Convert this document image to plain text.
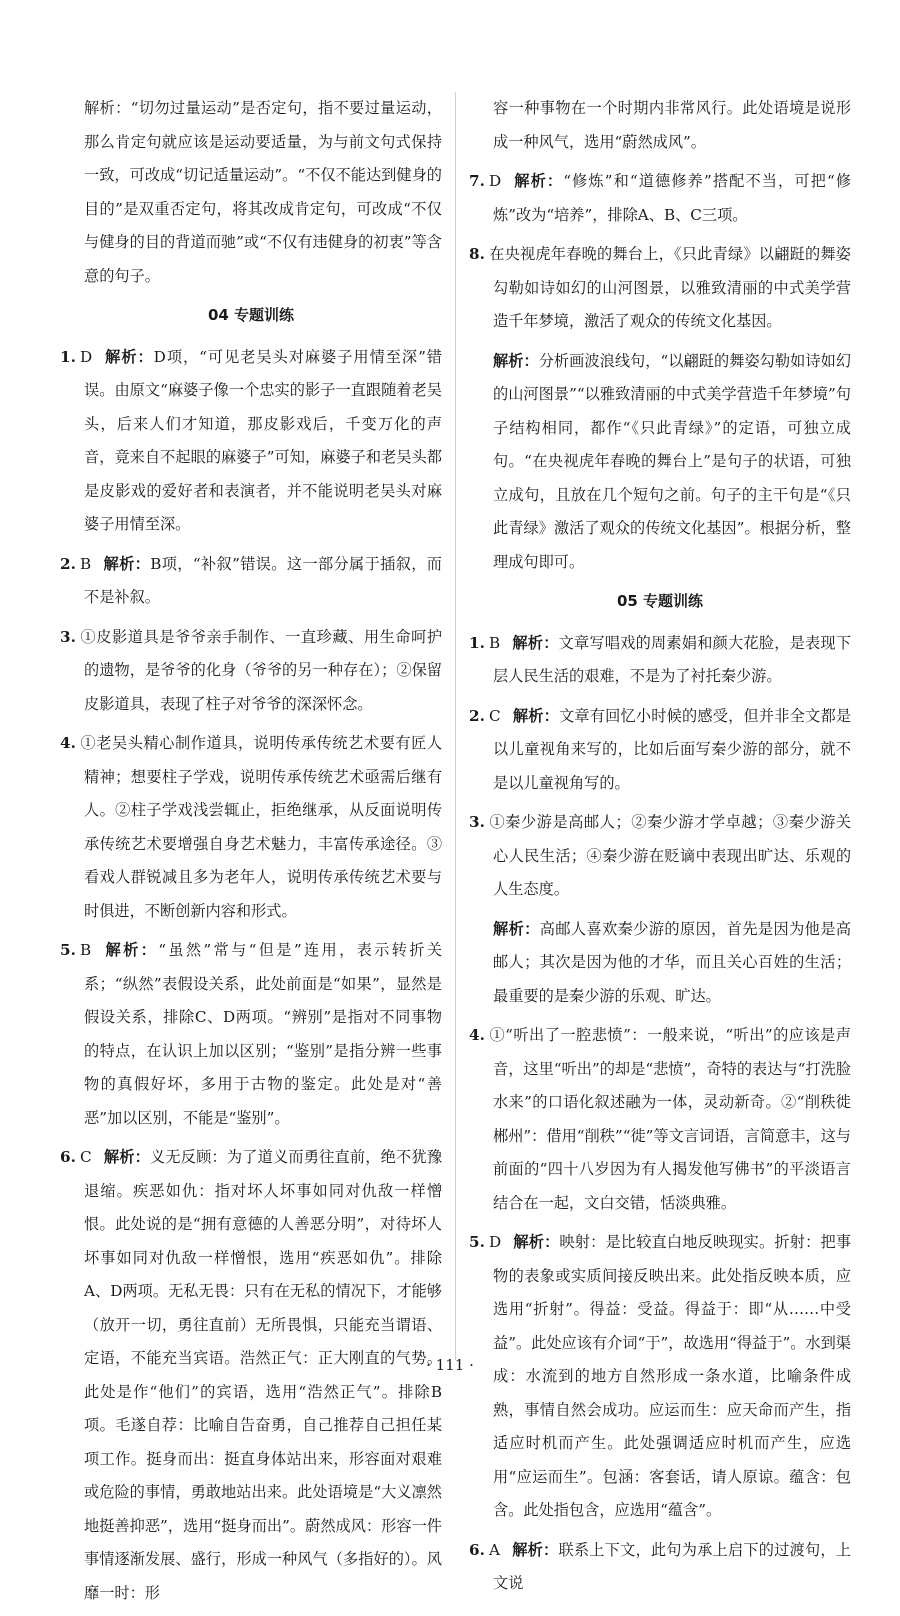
解析：“切勿过量运动”是否定句，指不要过量运动，那么肯定句就应该是运动要适量，为与前文句式保持一致，可改成“切记适量运动”。“不仅不能达到健身的目的”是双重否定句，将其改成肯定句，可改成“不仅与健身的目的背道而驰”或“不仅有违健身的初衷”等含意的句子。

04 专题训练

1. D 解析：D项，“可见老吴头对麻婆子用情至深”错误。由原文“麻婆子像一个忠实的影子一直跟随着老吴头，后来人们才知道，那皮影戏后，千变万化的声音，竟来自不起眼的麻婆子”可知，麻婆子和老吴头都是皮影戏的爱好者和表演者，并不能说明老吴头对麻婆子用情至深。

2. B 解析：B项，“补叙”错误。这一部分属于插叙，而不是补叙。

3. ①皮影道具是爷爷亲手制作、一直珍藏、用生命呵护的遗物，是爷爷的化身（爷爷的另一种存在）；②保留皮影道具，表现了柱子对爷爷的深深怀念。

4. ①老吴头精心制作道具，说明传承传统艺术要有匠人精神；想要柱子学戏，说明传承传统艺术亟需后继有人。②柱子学戏浅尝辄止，拒绝继承，从反面说明传承传统艺术要增强自身艺术魅力，丰富传承途径。③看戏人群锐减且多为老年人，说明传承传统艺术要与时俱进，不断创新内容和形式。

5. B 解析：“虽然”常与“但是”连用，表示转折关系；“纵然”表假设关系，此处前面是“如果”，显然是假设关系，排除C、D两项。“辨别”是指对不同事物的特点，在认识上加以区别；“鉴别”是指分辨一些事物的真假好坏，多用于古物的鉴定。此处是对“善恶”加以区别，不能是“鉴别”。

6. C 解析：义无反顾：为了道义而勇往直前，绝不犹豫退缩。疾恶如仇：指对坏人坏事如同对仇敌一样憎恨。此处说的是“拥有意德的人善恶分明”，对待坏人坏事如同对仇敌一样憎恨，选用“疾恶如仇”。排除A、D两项。无私无畏：只有在无私的情况下，才能够（放开一切，勇往直前）无所畏惧，只能充当谓语、定语，不能充当宾语。浩然正气：正大刚直的气势。此处是作“他们”的宾语，选用“浩然正气”。排除B项。毛遂自荐：比喻自告奋勇，自己推荐自己担任某项工作。挺身而出：挺直身体站出来，形容面对艰难或危险的事情，勇敢地站出来。此处语境是“大义凛然地挺善抑恶”，选用“挺身而出”。蔚然成风：形容一件事情逐渐发展、盛行，形成一种风气（多指好的）。风靡一时：形

容一种事物在一个时期内非常风行。此处语境是说形成一种风气，选用“蔚然成风”。

7. D 解析：“修炼”和“道德修养”搭配不当，可把“修炼”改为“培养”，排除A、B、C三项。

8. 在央视虎年春晚的舞台上，《只此青绿》以翩跹的舞姿勾勒如诗如幻的山河图景，以雅致清丽的中式美学营造千年梦境，激活了观众的传统文化基因。

解析：分析画波浪线句，“以翩跹的舞姿勾勒如诗如幻的山河图景”“以雅致清丽的中式美学营造千年梦境”句子结构相同，都作“《只此青绿》”的定语，可独立成句。“在央视虎年春晚的舞台上”是句子的状语，可独立成句，且放在几个短句之前。句子的主干句是“《只此青绿》激活了观众的传统文化基因”。根据分析，整理成句即可。

05 专题训练

1. B 解析：文章写唱戏的周素娟和颜大花脸，是表现下层人民生活的艰难，不是为了衬托秦少游。

2. C 解析：文章有回忆小时候的感受，但并非全文都是以儿童视角来写的，比如后面写秦少游的部分，就不是以儿童视角写的。

3. ①秦少游是高邮人；②秦少游才学卓越；③秦少游关心人民生活；④秦少游在贬谪中表现出旷达、乐观的人生态度。

解析：高邮人喜欢秦少游的原因，首先是因为他是高邮人；其次是因为他的才华，而且关心百姓的生活；最重要的是秦少游的乐观、旷达。

4. ①“听出了一腔悲愤”：一般来说，“听出”的应该是声音，这里“听出”的却是“悲愤”，奇特的表达与“打洗脸水来”的口语化叙述融为一体，灵动新奇。②“削秩徙郴州”：借用“削秩”“徙”等文言词语，言简意丰，这与前面的“四十八岁因为有人揭发他写佛书”的平淡语言结合在一起，文白交错，恬淡典雅。

5. D 解析：映射：是比较直白地反映现实。折射：把事物的表象或实质间接反映出来。此处指反映本质，应选用“折射”。得益：受益。得益于：即“从……中受益”。此处应该有介词“于”，故选用“得益于”。水到渠成：水流到的地方自然形成一条水道，比喻条件成熟，事情自然会成功。应运而生：应天命而产生，指适应时机而产生。此处强调适应时机而产生，应选用“应运而生”。包涵：客套话，请人原谅。蕴含：包含。此处指包含，应选用“蕴含”。

6. A 解析：联系上下文，此句为承上启下的过渡句，上文说

· 111 ·
